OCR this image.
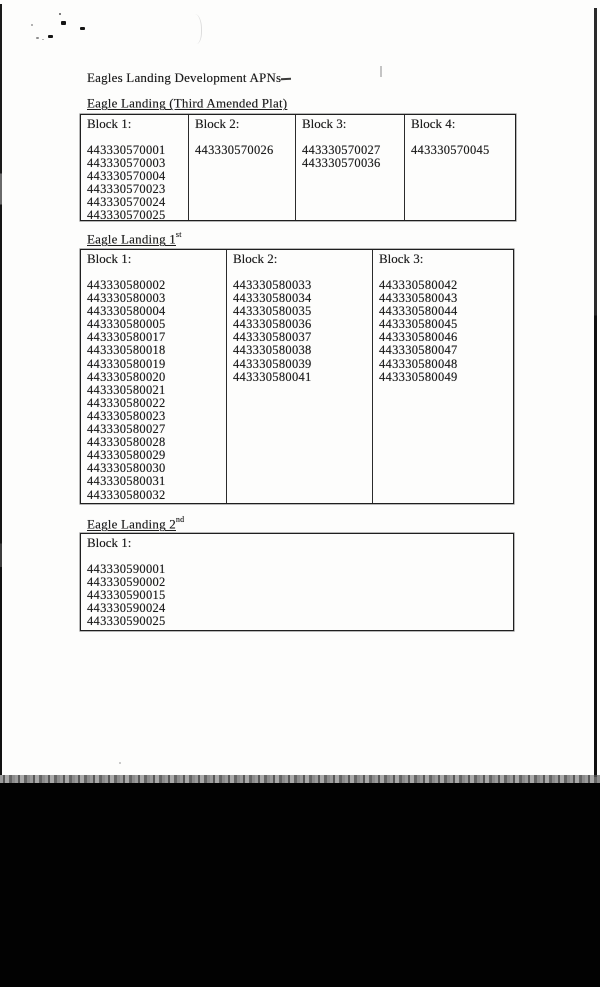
Eagles Landing Development APNs
Eagle Landing (Third Amended Plat)
Block 1:
443330570001
443330570003
443330570004
443330570023
443330570024
443330570025
Block 2:
443330570026
Block 3:
443330570027
443330570036
Block 4:
443330570045
Eagle Landing 1st
Block 1:
443330580002
443330580003
443330580004
443330580005
443330580017
443330580018
443330580019
443330580020
443330580021
443330580022
443330580023
443330580027
443330580028
443330580029
443330580030
443330580031
443330580032
Block 2:
443330580033
443330580034
443330580035
443330580036
443330580037
443330580038
443330580039
443330580041
Block 3:
443330580042
443330580043
443330580044
443330580045
443330580046
443330580047
443330580048
443330580049
Eagle Landing 2nd
Block 1:
443330590001
443330590002
443330590015
443330590024
443330590025
